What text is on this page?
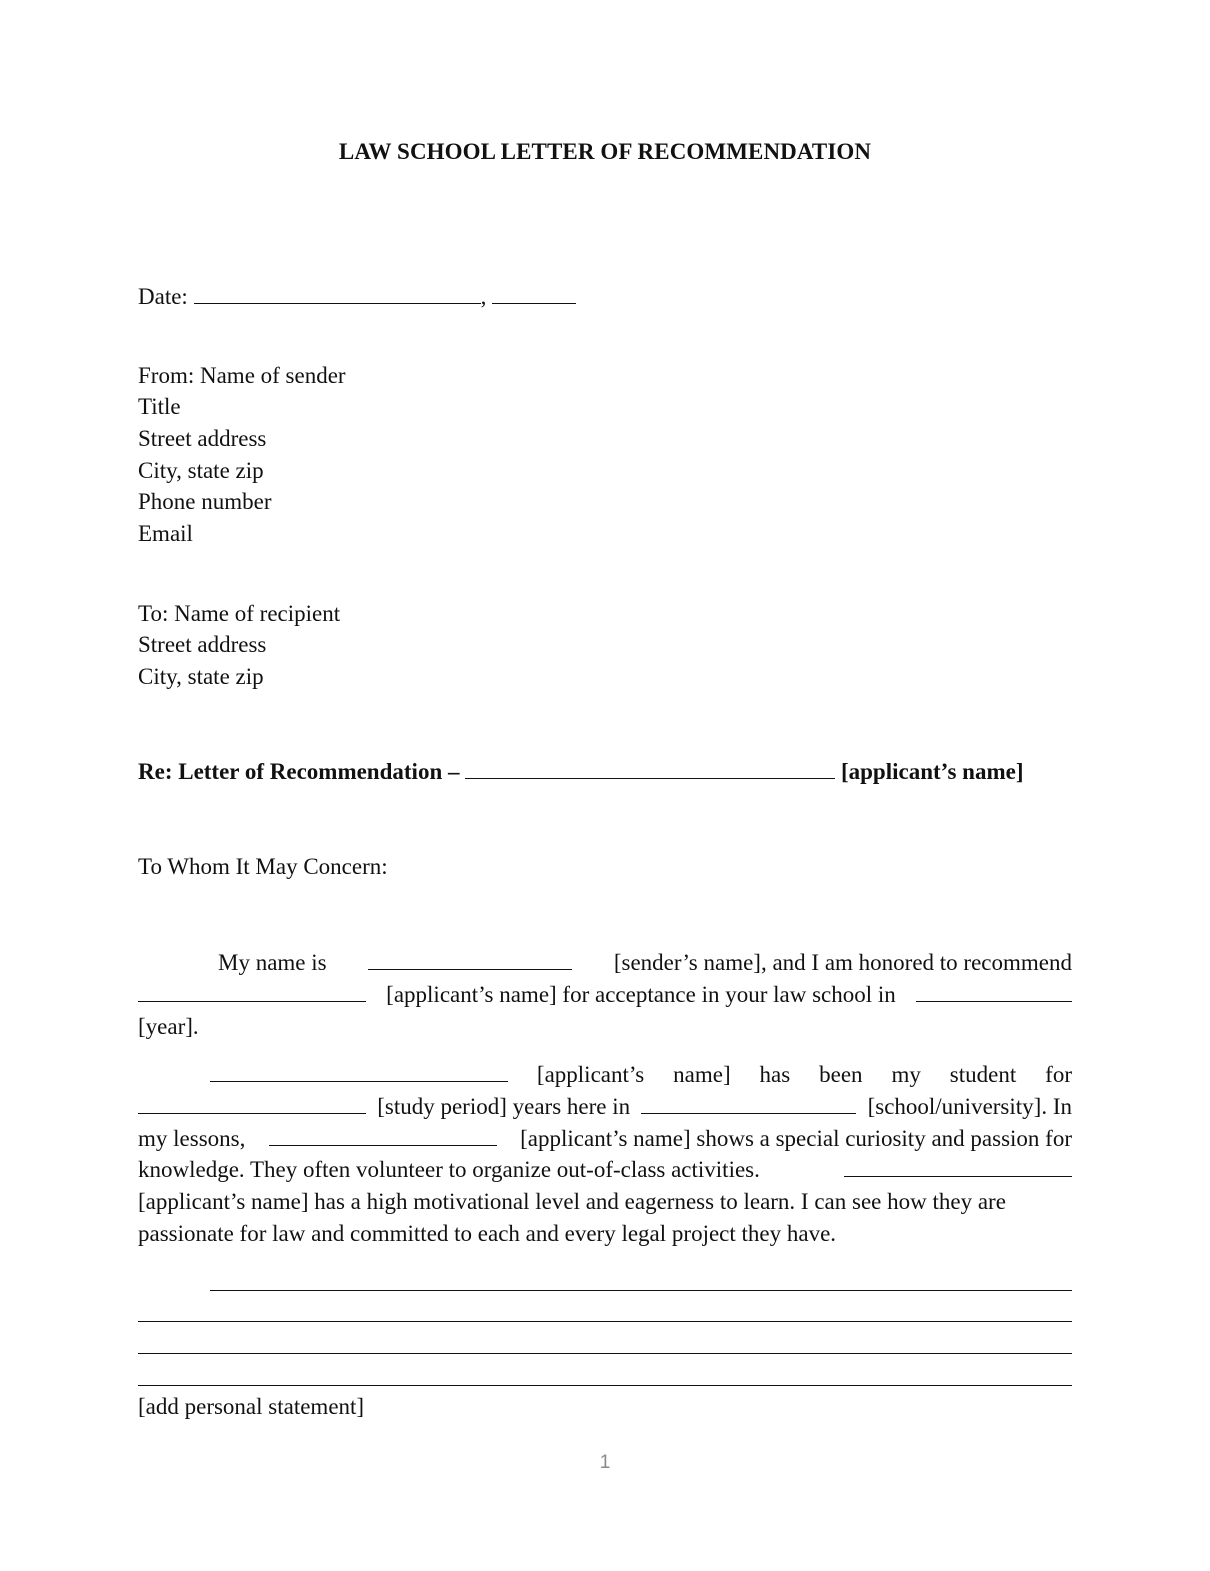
LAW SCHOOL LETTER OF RECOMMENDATION
Date:	,
From: Name of sender
Title
Street address
City, state zip
Phone number
Email
To: Name of recipient
Street address
City, state zip
Re: Letter of Recommendation –	[applicant’s name]
To Whom It May Concern:
My name is	[sender’s name], and I am honored to recommend
[applicant’s name] for acceptance in your law school in
[year].
[applicant’s name] has been my student for
[study period] years here in	[school/university]. In
my lessons,	[applicant’s name] shows a special curiosity and passion for
knowledge. They often volunteer to organize out-of-class activities.
[applicant’s name] has a high motivational level and eagerness to learn. I can see how they are
passionate for law and committed to each and every legal project they have.
[add personal statement]
1
